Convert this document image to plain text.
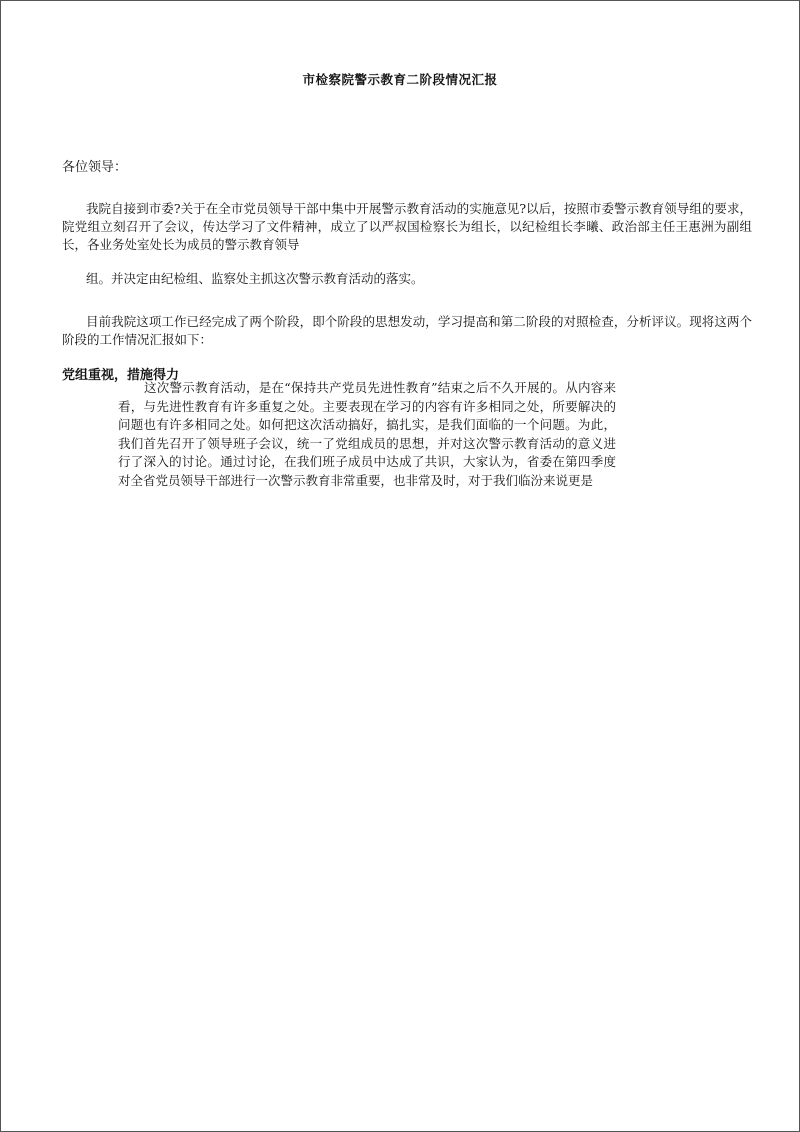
市检察院警示教育二阶段情况汇报
各位领导：
我院自接到市委?关于在全市党员领导干部中集中开展警示教育活动的实施意见?以后，按照市委警示教育领导组的要求，院党组立刻召开了会议，传达学习了文件精神，成立了以严叔国检察长为组长，以纪检组长李曦、政治部主任王惠洲为副组长，各业务处室处长为成员的警示教育领导
组。并决定由纪检组、监察处主抓这次警示教育活动的落实。
目前我院这项工作已经完成了两个阶段，即个阶段的思想发动，学习提高和第二阶段的对照检查，分析评议。现将这两个阶段的工作情况汇报如下：
党组重视，措施得力
这次警示教育活动，是在“保持共产党员先进性教育”结束之后不久开展的。从内容来看，与先进性教育有许多重复之处。主要表现在学习的内容有许多相同之处，所要解决的问题也有许多相同之处。如何把这次活动搞好，搞扎实，是我们面临的一个问题。为此，我们首先召开了领导班子会议，统一了党组成员的思想，并对这次警示教育活动的意义进行了深入的讨论。通过讨论，在我们班子成员中达成了共识，大家认为，省委在第四季度对全省党员领导干部进行一次警示教育非常重要，也非常及时，对于我们临汾来说更是
